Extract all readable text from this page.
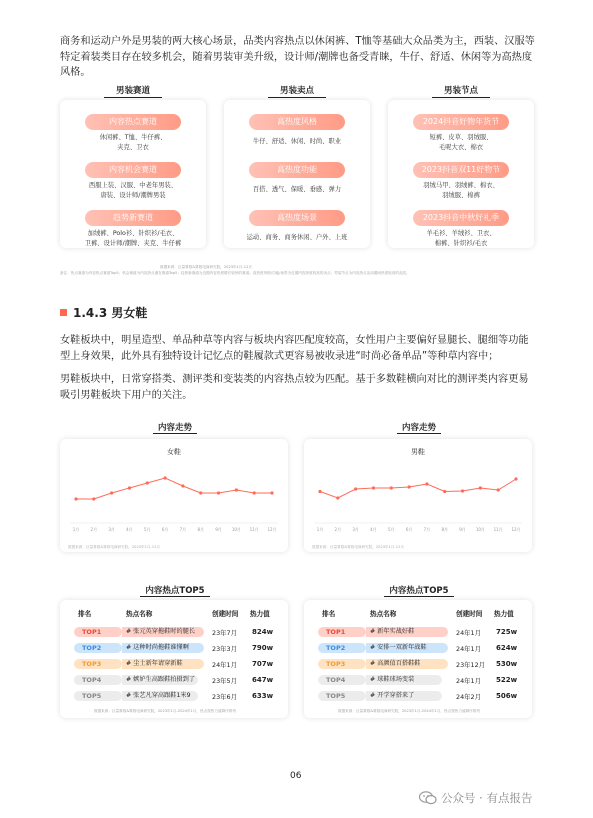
商务和运动户外是男装的两大核心场景，品类内容热点以休闲裤、T恤等基础大众品类为主，西装、汉服等特定着装类目存在较多机会，随着男装审美升级，设计师/潮牌也备受青睐，牛仔、舒适、休闲等为高热度风格。

男装赛道
内容热点赛道
休闲裤、T恤、牛仔裤、
夹克、卫衣
内容机会赛道
西服上装、汉服、中老年男装、
唐装、设计师/潮牌男装
趋势新赛道
加绒裤、Polo衫、针织衫/毛衣、
卫裤、设计师/潮牌、夹克、牛仔裤
男装卖点
高热度风格
牛仔、舒适、休闲、时尚、职业
高热度功能
百搭、透气、保暖、垂感、弹力
高热度场景
运动、商务、商务休闲、户外、上班
男装节点
2024抖音好物年货节
短裤、皮草、羽绒服、
毛呢大衣、棉衣
2023抖音双11好物节
羽绒马甲、羽绒裤、棉衣、
羽绒服、棉裤
2023抖音中秋好礼季
羊毛衫、羊绒衫、卫衣、
棉裤、针织衫/毛衣
数据来源：巨量算数&算数电商研究院，2023年1月-12月
备注：热点赛道为内容热点赛道Top5；机会赛道为内容热点潜在赛道Top5；趋势新赛道为近期内容热度增长较快的赛道。高热度风格/功能/场景为近期内容热度较高的卖点；男装节点为内容热点活动期间热度较高的品类。
1.4.3 男女鞋

女鞋板块中，明星造型、单品种草等内容与板块内容匹配度较高，女性用户主要偏好显腿长、腿细等功能型上身效果，此外具有独特设计记忆点的鞋履款式更容易被收录进“时尚必备单品”等种草内容中；

男鞋板块中，日常穿搭类、测评类和变装类的内容热点较为匹配。基于多数鞋横向对比的测评类内容更易吸引男鞋板块下用户的关注。

内容走势	内容走势
女鞋
1月	2月	3月	4月	5月	6月	7月	8月	9月 10月 11月 12月
数据来源：巨量算数&算数电商研究院，2023年1月-12月
男鞋
1月	2月	3月	4月	5月	6月	7月	8月	9月 10月 11月 12月
数据来源：巨量算数&算数电商研究院，2023年1月-12月
内容热点TOP5	内容热点TOP5
排名	热点名称	创建时间 热力值
TOP1	# 张元英穿拖鞋时的腿长	23年7月 824w
TOP2	# 这种时尚拖鞋谁懂啊	23年3月 790w
TOP3	# 尘土新年请穿新鞋	24年1月 707w
TOP4	# 嫉妒生高跟鞋拍摄到了	23年5月 647w
TOP5	# 张艺凡穿高跟鞋1米9	23年6月 633w
数据来源：巨量算数&算数电商研究院，2023年1月-2024年1月，热点按热力值降序排列
排名	热点名称	创建时间 热力值
TOP1	# 新年实战好鞋	24年1月 725w
TOP2	# 安排一双新年战鞋	24年1月 624w
TOP3	# 高颜值百搭鞋鞋	23年12月 530w
TOP4	# 球鞋球场变装	24年1月 522w
TOP5	# 开学穿搭来了	24年2月 506w
数据来源：巨量算数&算数电商研究院，2023年1月-2024年1月，热点按热力值降序排列
06
公众号 · 有点报告
